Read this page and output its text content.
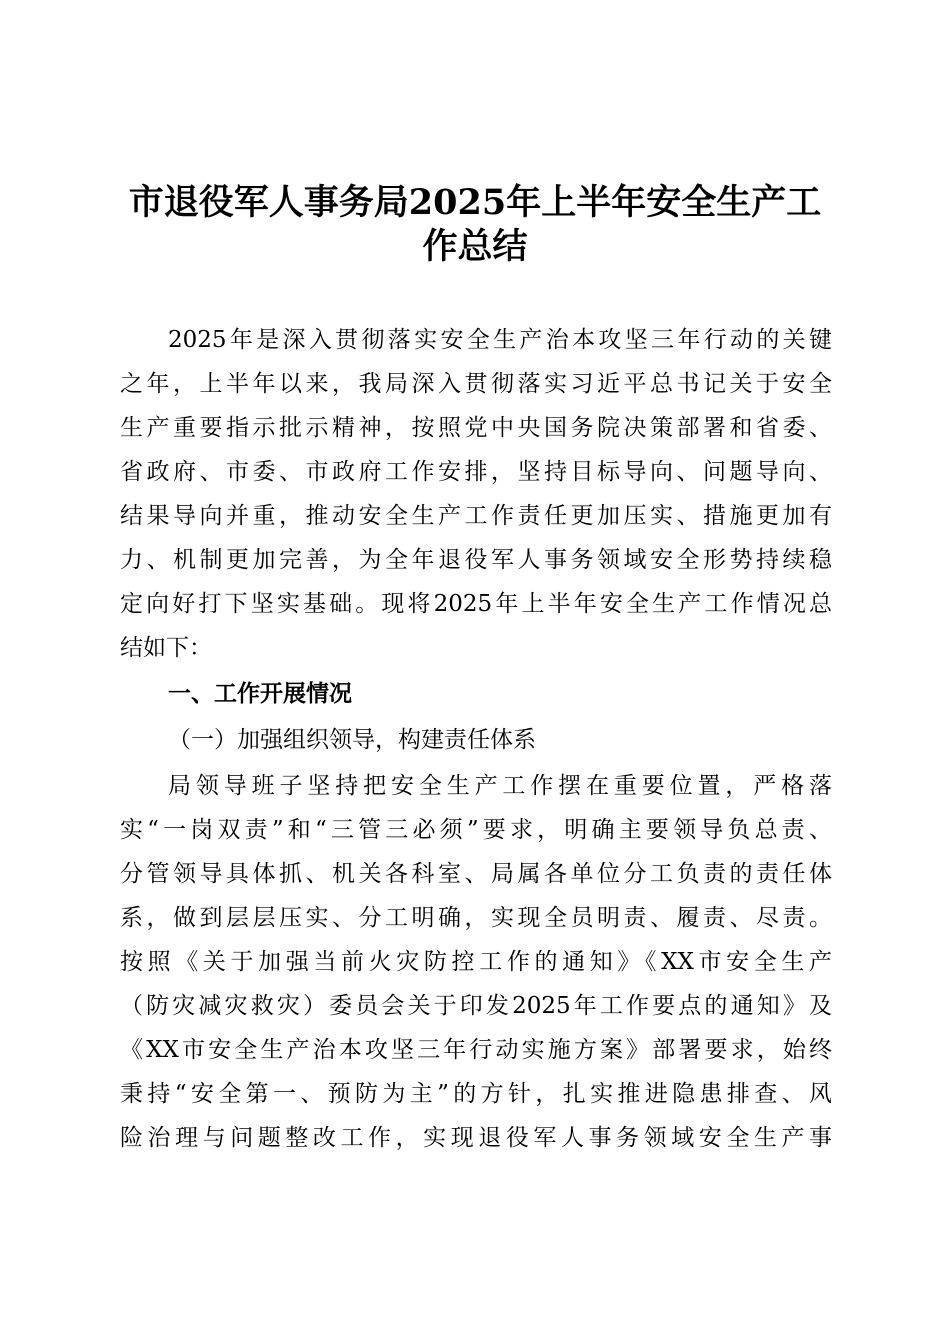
市退役军人事务局2025年上半年安全生产工
作总结
2025年是深入贯彻落实安全生产治本攻坚三年行动的关键
之年，上半年以来，我局深入贯彻落实习近平总书记关于安全
生产重要指示批示精神，按照党中央国务院决策部署和省委、
省政府、市委、市政府工作安排，坚持目标导向、问题导向、
结果导向并重，推动安全生产工作责任更加压实、措施更加有
力、机制更加完善，为全年退役军人事务领域安全形势持续稳
定向好打下坚实基础。现将2025年上半年安全生产工作情况总
结如下：
一、工作开展情况
（一）加强组织领导，构建责任体系
局领导班子坚持把安全生产工作摆在重要位置，严格落
实“一岗双责”和“三管三必须”要求，明确主要领导负总责、
分管领导具体抓、机关各科室、局属各单位分工负责的责任体
系，做到层层压实、分工明确，实现全员明责、履责、尽责。
按照《关于加强当前火灾防控工作的通知》《XX市安全生产
（防灾减灾救灾）委员会关于印发2025年工作要点的通知》及
《XX市安全生产治本攻坚三年行动实施方案》部署要求，始终
秉持“安全第一、预防为主”的方针，扎实推进隐患排查、风
险治理与问题整改工作，实现退役军人事务领域安全生产事
